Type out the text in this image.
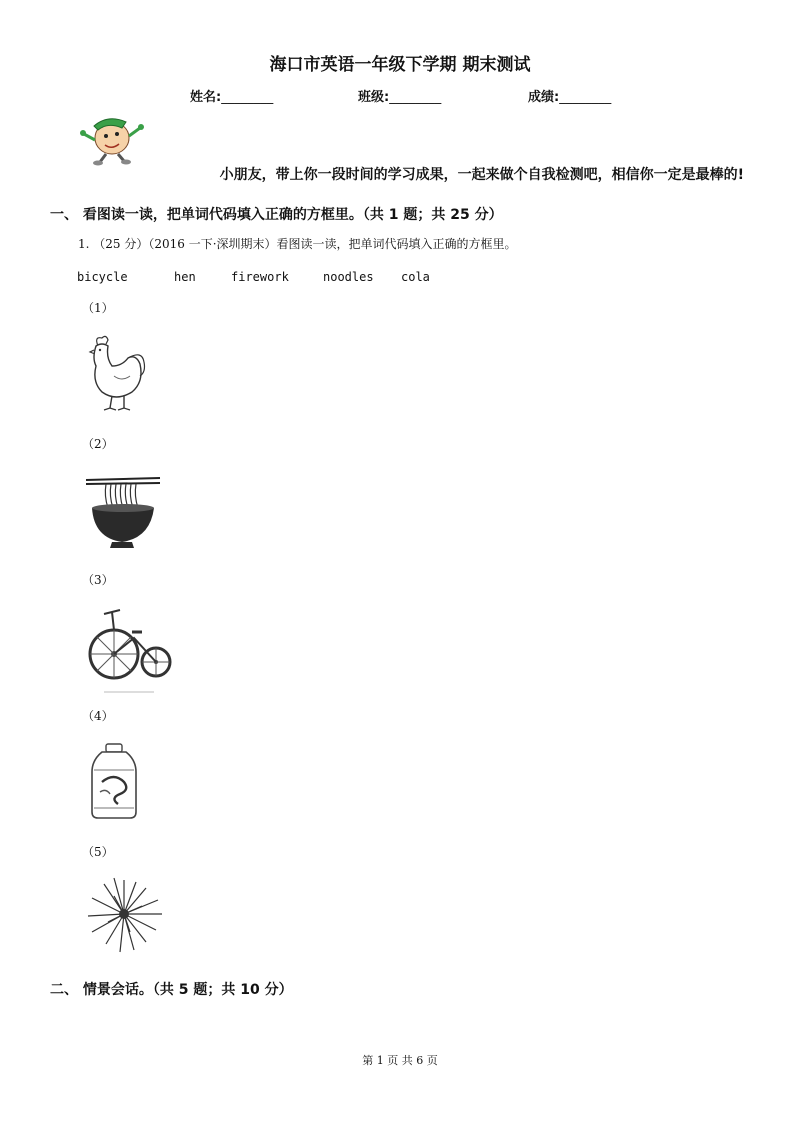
海口市英语一年级下学期 期末测试
姓名:________	班级:________	成绩:________
小朋友，带上你一段时间的学习成果，一起来做个自我检测吧，相信你一定是最棒的!
一、 看图读一读，把单词代码填入正确的方框里。（共 1 题；共 25 分）
1. （25 分）（2016 一下·深圳期末）看图读一读，把单词代码填入正确的方框里。
bicycle	hen	firework	noodles cola
（1）
（2）
（3）
（4）
（5）
二、 情景会话。（共 5 题；共 10 分）
第 1 页 共 6 页
